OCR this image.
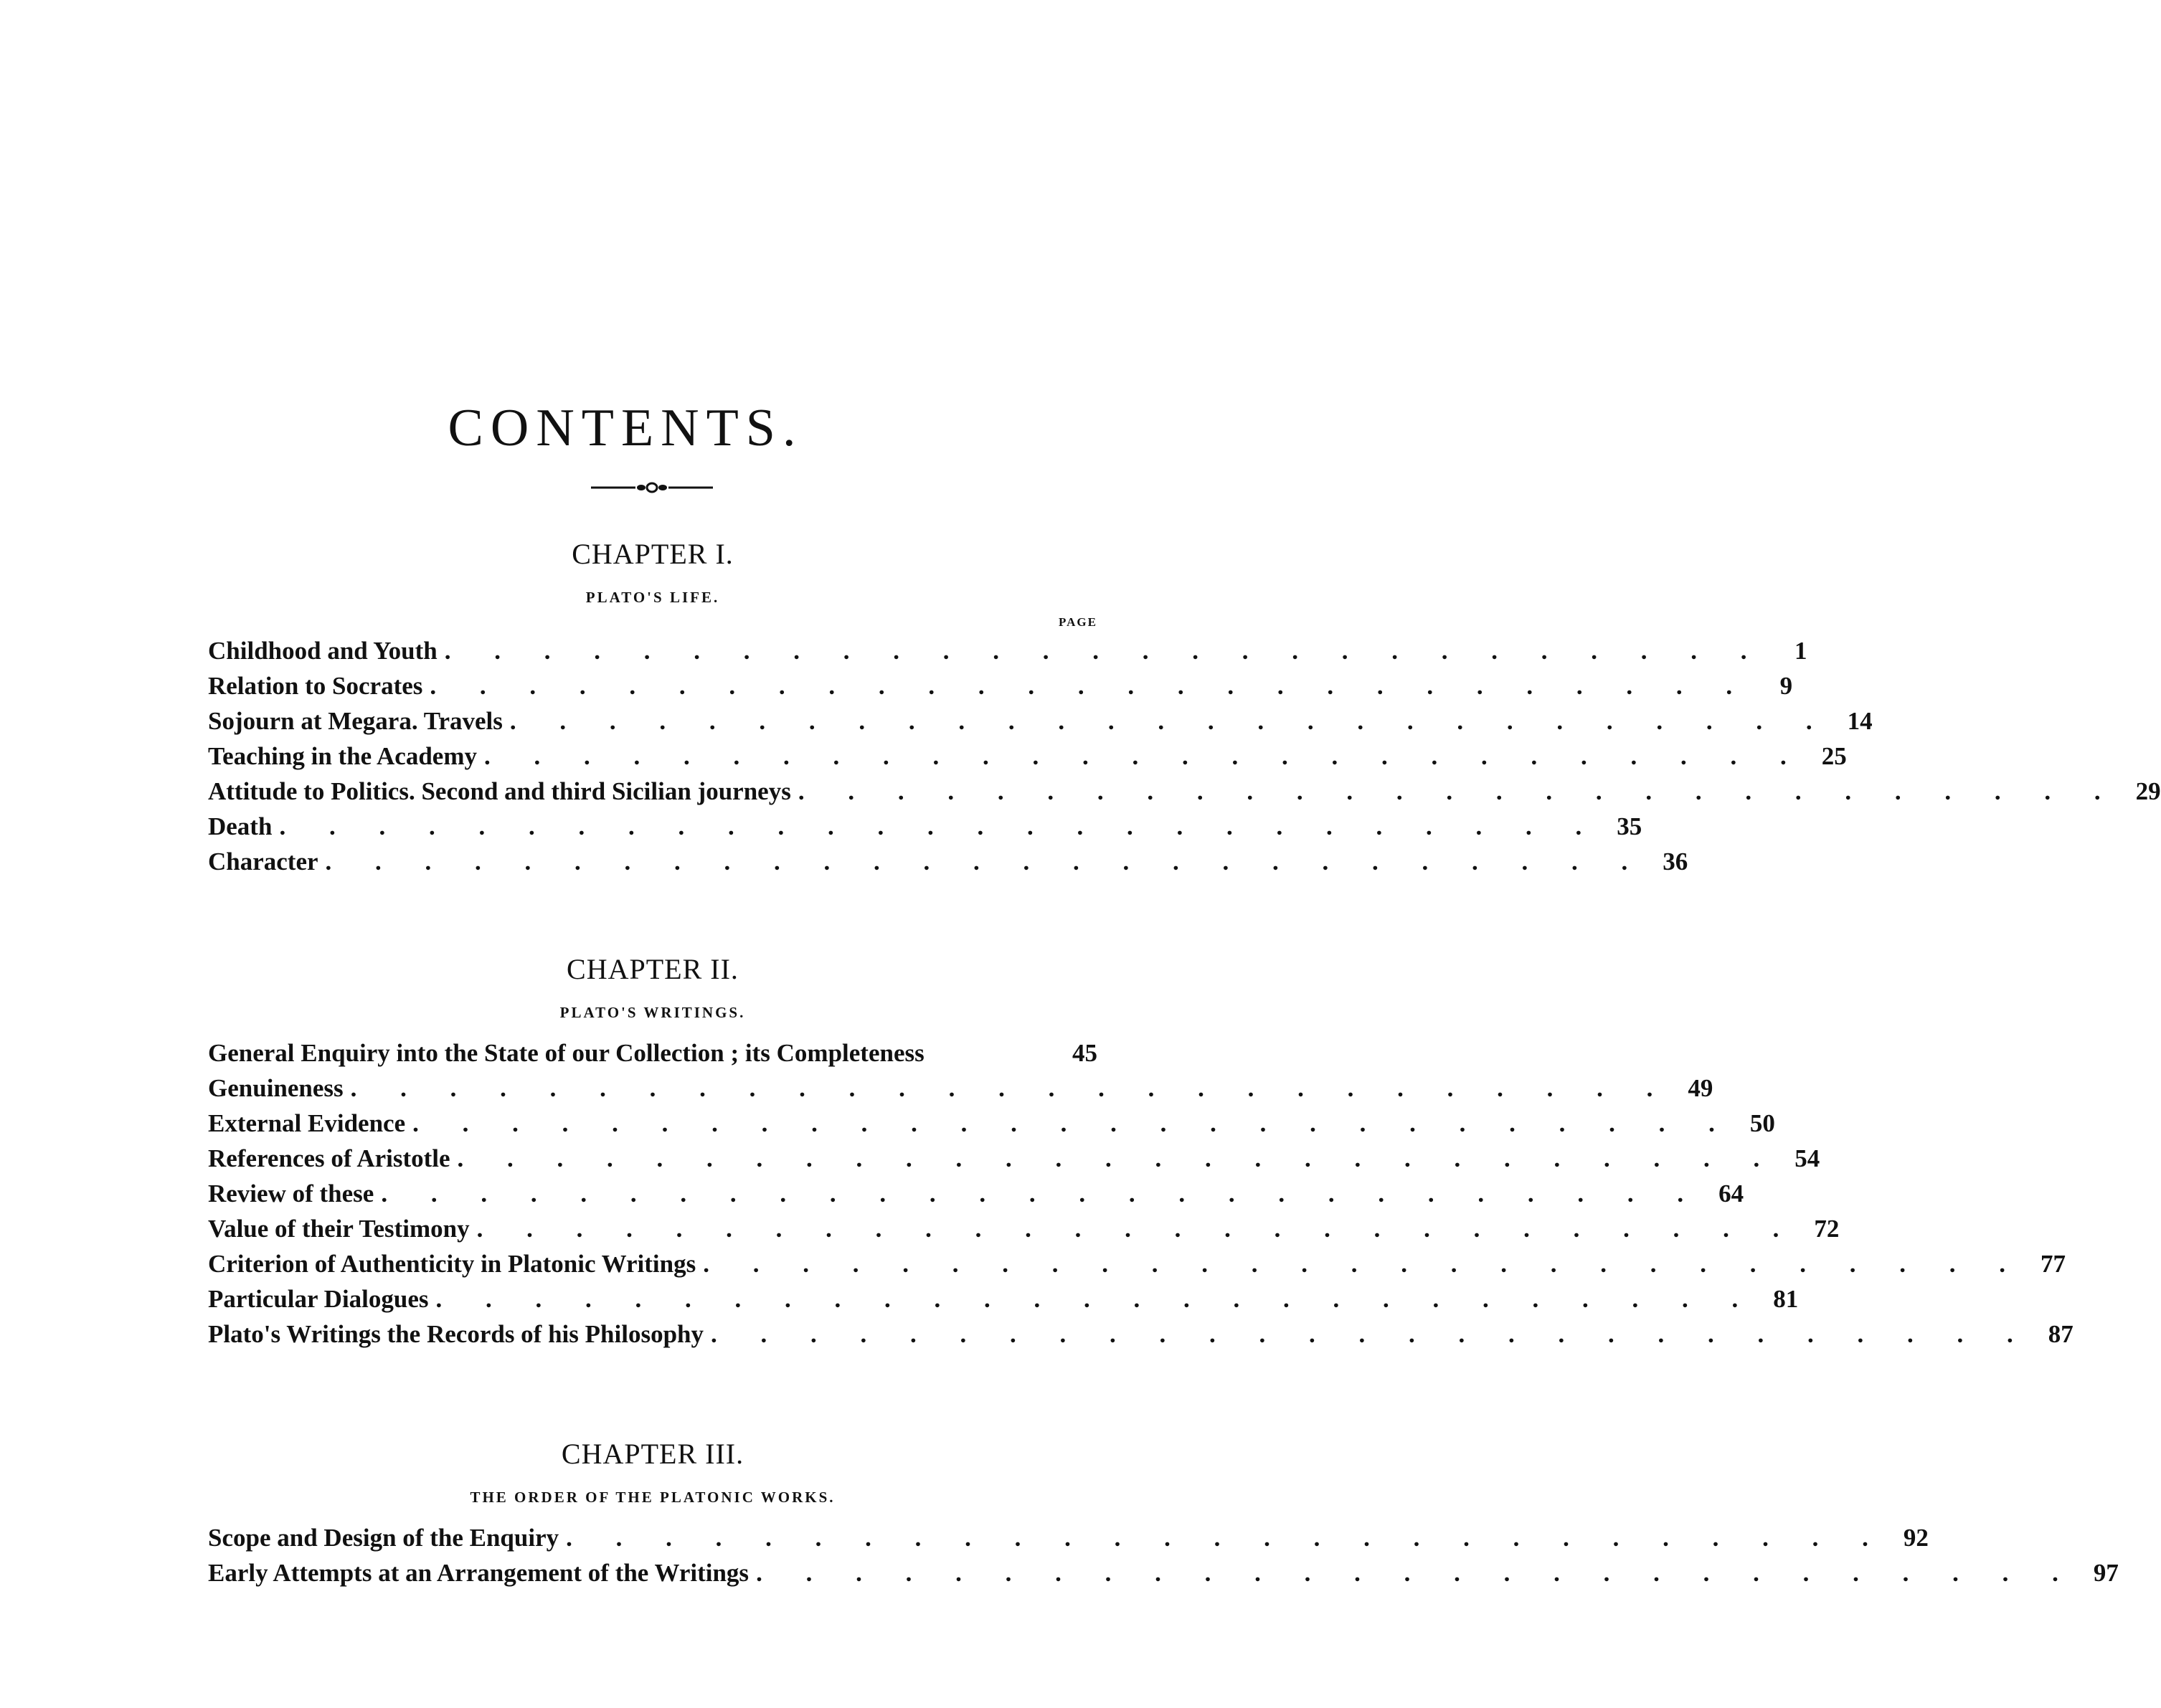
CONTENTS.
CHAPTER I.
PLATO'S LIFE.
PAGE
Childhood and Youth . . . . . . . . . . . . . . . . . . . . . . . . . . .	1
Relation to Socrates . . . . . . . . . . . . . . . . . . . . . . . . . . .	9
Sojourn at Megara. Travels . . . . . . . . . . . . . . . . . . . . . . . . . . . 14
Teaching in the Academy . . . . . . . . . . . . . . . . . . . . . . . . . . . 25
Attitude to Politics. Second and third Sicilian journeys . . . . . . . . . . . . . . . . . . . . . . . . . . . 29
Death . . . . . . . . . . . . . . . . . . . . . . . . . . . 35
Character . . . . . . . . . . . . . . . . . . . . . . . . . . . 36
CHAPTER II.
PLATO'S WRITINGS.
General Enquiry into the State of our Collection ; its Completeness	45
Genuineness . . . . . . . . . . . . . . . . . . . . . . . . . . . 49
External Evidence . . . . . . . . . . . . . . . . . . . . . . . . . . . 50
References of Aristotle . . . . . . . . . . . . . . . . . . . . . . . . . . . 54
Review of these . . . . . . . . . . . . . . . . . . . . . . . . . . . 64
Value of their Testimony . . . . . . . . . . . . . . . . . . . . . . . . . . . 72
Criterion of Authenticity in Platonic Writings . . . . . . . . . . . . . . . . . . . . . . . . . . . 77
Particular Dialogues . . . . . . . . . . . . . . . . . . . . . . . . . . . 81
Plato's Writings the Records of his Philosophy . . . . . . . . . . . . . . . . . . . . . . . . . . . 87
CHAPTER III.
THE ORDER OF THE PLATONIC WORKS.
Scope and Design of the Enquiry . . . . . . . . . . . . . . . . . . . . . . . . . . . 92
Early Attempts at an Arrangement of the Writings . . . . . . . . . . . . . . . . . . . . . . . . . . . 97
